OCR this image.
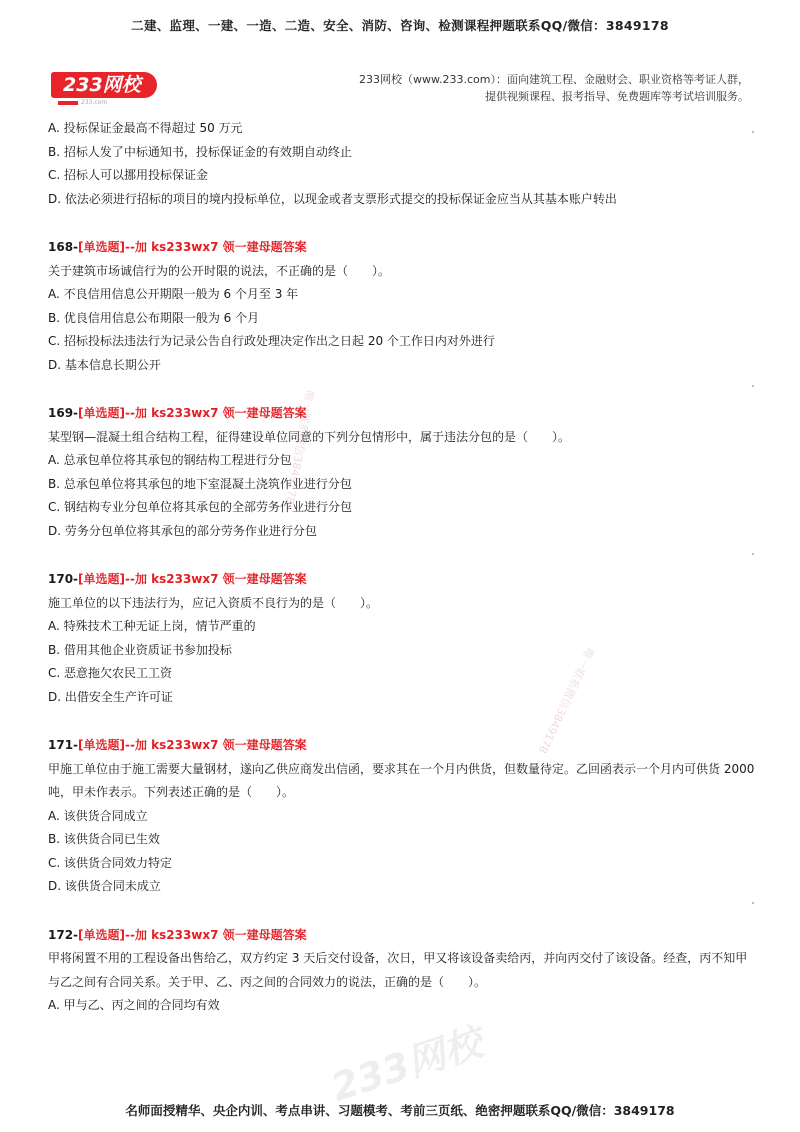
二建、监理、一建、一造、二造、安全、消防、咨询、检测课程押题联系QQ/微信：3849178
233网校
233.com
233网校（www.233.com）：面向建筑工程、金融财会、职业资格等考证人群，
提供视频课程、报考指导、免费题库等考试培训服务。
A. 投标保证金最高不得超过 50 万元
B. 招标人发了中标通知书，投标保证金的有效期自动终止
C. 招标人可以挪用投标保证金
D. 依法必须进行招标的项目的境内投标单位，以现金或者支票形式提交的投标保证金应当从其基本账户转出
168-[单选题]--加 ks233wx7 领一建母题答案
关于建筑市场诚信行为的公开时限的说法，不正确的是（　　）。
A. 不良信用信息公开期限一般为 6 个月至 3 年
B. 优良信用信息公布期限一般为 6 个月
C. 招标投标法违法行为记录公告自行政处理决定作出之日起 20 个工作日内对外进行
D. 基本信息长期公开
169-[单选题]--加 ks233wx7 领一建母题答案
某型钢—混凝土组合结构工程，征得建设单位同意的下列分包情形中，属于违法分包的是（　　）。
A. 总承包单位将其承包的钢结构工程进行分包
B. 总承包单位将其承包的地下室混凝土浇筑作业进行分包
C. 钢结构专业分包单位将其承包的全部劳务作业进行分包
D. 劳务分包单位将其承包的部分劳务作业进行分包
170-[单选题]--加 ks233wx7 领一建母题答案
施工单位的以下违法行为，应记入资质不良行为的是（　　）。
A. 特殊技术工种无证上岗，情节严重的
B. 借用其他企业资质证书参加投标
C. 恶意拖欠农民工工资
D. 出借安全生产许可证
171-[单选题]--加 ks233wx7 领一建母题答案
甲施工单位由于施工需要大量钢材，遂向乙供应商发出信函，要求其在一个月内供货，但数量待定。乙回函表示一个月内可供货 2000 吨，甲未作表示。下列表述正确的是（　　）。
A. 该供货合同成立
B. 该供货合同已生效
C. 该供货合同效力特定
D. 该供货合同未成立
172-[单选题]--加 ks233wx7 领一建母题答案
甲将闲置不用的工程设备出售给乙，双方约定 3 天后交付设备，次日，甲又将该设备卖给丙，并向丙交付了该设备。经查，丙不知甲与乙之间有合同关系。关于甲、乙、丙之间的合同效力的说法，正确的是（　　）。
A. 甲与乙、丙之间的合同均有效
唯一联系微信3849178
唯一联系微信3849178
233网校
名师面授精华、央企内训、考点串讲、习题模考、考前三页纸、绝密押题联系QQ/微信：3849178
